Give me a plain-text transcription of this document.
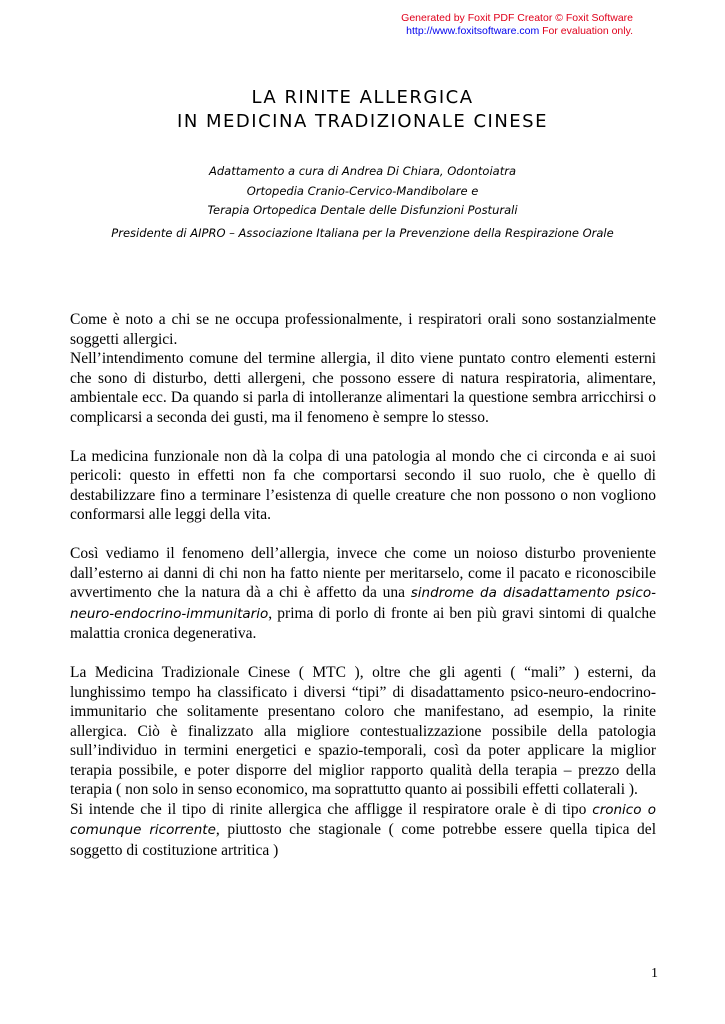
Generated by Foxit PDF Creator © Foxit Software
http://www.foxitsoftware.com For evaluation only.
LA RINITE ALLERGICA
IN MEDICINA TRADIZIONALE CINESE
Adattamento a cura di Andrea Di Chiara, Odontoiatra
Ortopedia Cranio-Cervico-Mandibolare e
Terapia Ortopedica Dentale delle Disfunzioni Posturali
Presidente di AIPRO – Associazione Italiana per la Prevenzione della Respirazione Orale

Come è noto a chi se ne occupa professionalmente, i respiratori orali sono sostanzialmente soggetti allergici.

Nell’intendimento comune del termine allergia, il dito viene puntato contro elementi esterni che sono di disturbo, detti allergeni, che possono essere di natura respiratoria, alimentare, ambientale ecc. Da quando si parla di intolleranze alimentari la questione sembra arricchirsi o complicarsi a seconda dei gusti, ma il fenomeno è sempre lo stesso.

La medicina funzionale non dà la colpa di una patologia al mondo che ci circonda e ai suoi pericoli: questo in effetti non fa che comportarsi secondo il suo ruolo, che è quello di destabilizzare fino a terminare l’esistenza di quelle creature che non possono o non vogliono conformarsi alle leggi della vita.

Così vediamo il fenomeno dell’allergia, invece che come un noioso disturbo proveniente dall’esterno ai danni di chi non ha fatto niente per meritarselo, come il pacato e riconoscibile avvertimento che la natura dà a chi è affetto da una sindrome da disadattamento psico-neuro-endocrino-immunitario, prima di porlo di fronte ai ben più gravi sintomi di qualche malattia cronica degenerativa.

La Medicina Tradizionale Cinese ( MTC ), oltre che gli agenti ( “mali” ) esterni, da lunghissimo tempo ha classificato i diversi “tipi” di disadattamento psico-neuro-endocrino-immunitario che solitamente presentano coloro che manifestano, ad esempio, la rinite allergica. Ciò è finalizzato alla migliore contestualizzazione possibile della patologia sull’individuo in termini energetici e spazio-temporali, così da poter applicare la miglior terapia possibile, e poter disporre del miglior rapporto qualità della terapia – prezzo della terapia ( non solo in senso economico, ma soprattutto quanto ai possibili effetti collaterali ).

Si intende che il tipo di rinite allergica che affligge il respiratore orale è di tipo cronico o comunque ricorrente, piuttosto che stagionale ( come potrebbe essere quella tipica del soggetto di costituzione artritica )

1
